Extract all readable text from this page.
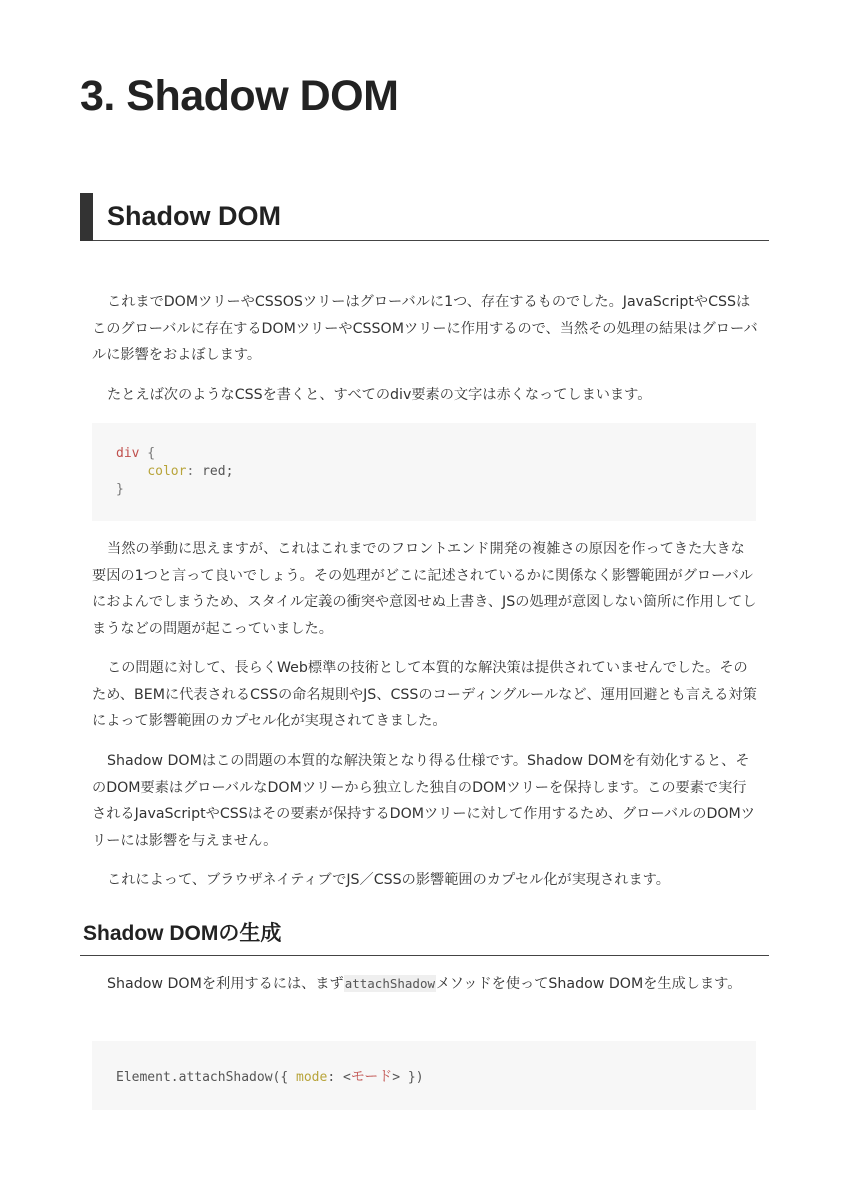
3. Shadow DOM
Shadow DOM

これまでDOMツリーやCSSOSツリーはグローバルに1つ、存在するものでした。JavaScriptやCSSはこのグローバルに存在するDOMツリーやCSSOMツリーに作用するので、当然その処理の結果はグローバルに影響をおよぼします。

たとえば次のようなCSSを書くと、すべてのdiv要素の文字は赤くなってしまいます。

div {
color: red;
}

当然の挙動に思えますが、これはこれまでのフロントエンド開発の複雑さの原因を作ってきた大きな要因の1つと言って良いでしょう。その処理がどこに記述されているかに関係なく影響範囲がグローバルにおよんでしまうため、スタイル定義の衝突や意図せぬ上書き、JSの処理が意図しない箇所に作用してしまうなどの問題が起こっていました。

この問題に対して、長らくWeb標準の技術として本質的な解決策は提供されていませんでした。そのため、BEMに代表されるCSSの命名規則やJS、CSSのコーディングルールなど、運用回避とも言える対策によって影響範囲のカプセル化が実現されてきました。

Shadow DOMはこの問題の本質的な解決策となり得る仕様です。Shadow DOMを有効化すると、そのDOM要素はグローバルなDOMツリーから独立した独自のDOMツリーを保持します。この要素で実行されるJavaScriptやCSSはその要素が保持するDOMツリーに対して作用するため、グローバルのDOMツリーには影響を与えません。

これによって、ブラウザネイティブでJS／CSSの影響範囲のカプセル化が実現されます。

Shadow DOMの生成

Shadow DOMを利用するには、まずattachShadowメソッドを使ってShadow DOMを生成します。

Element.attachShadow({ mode: <モード> })
